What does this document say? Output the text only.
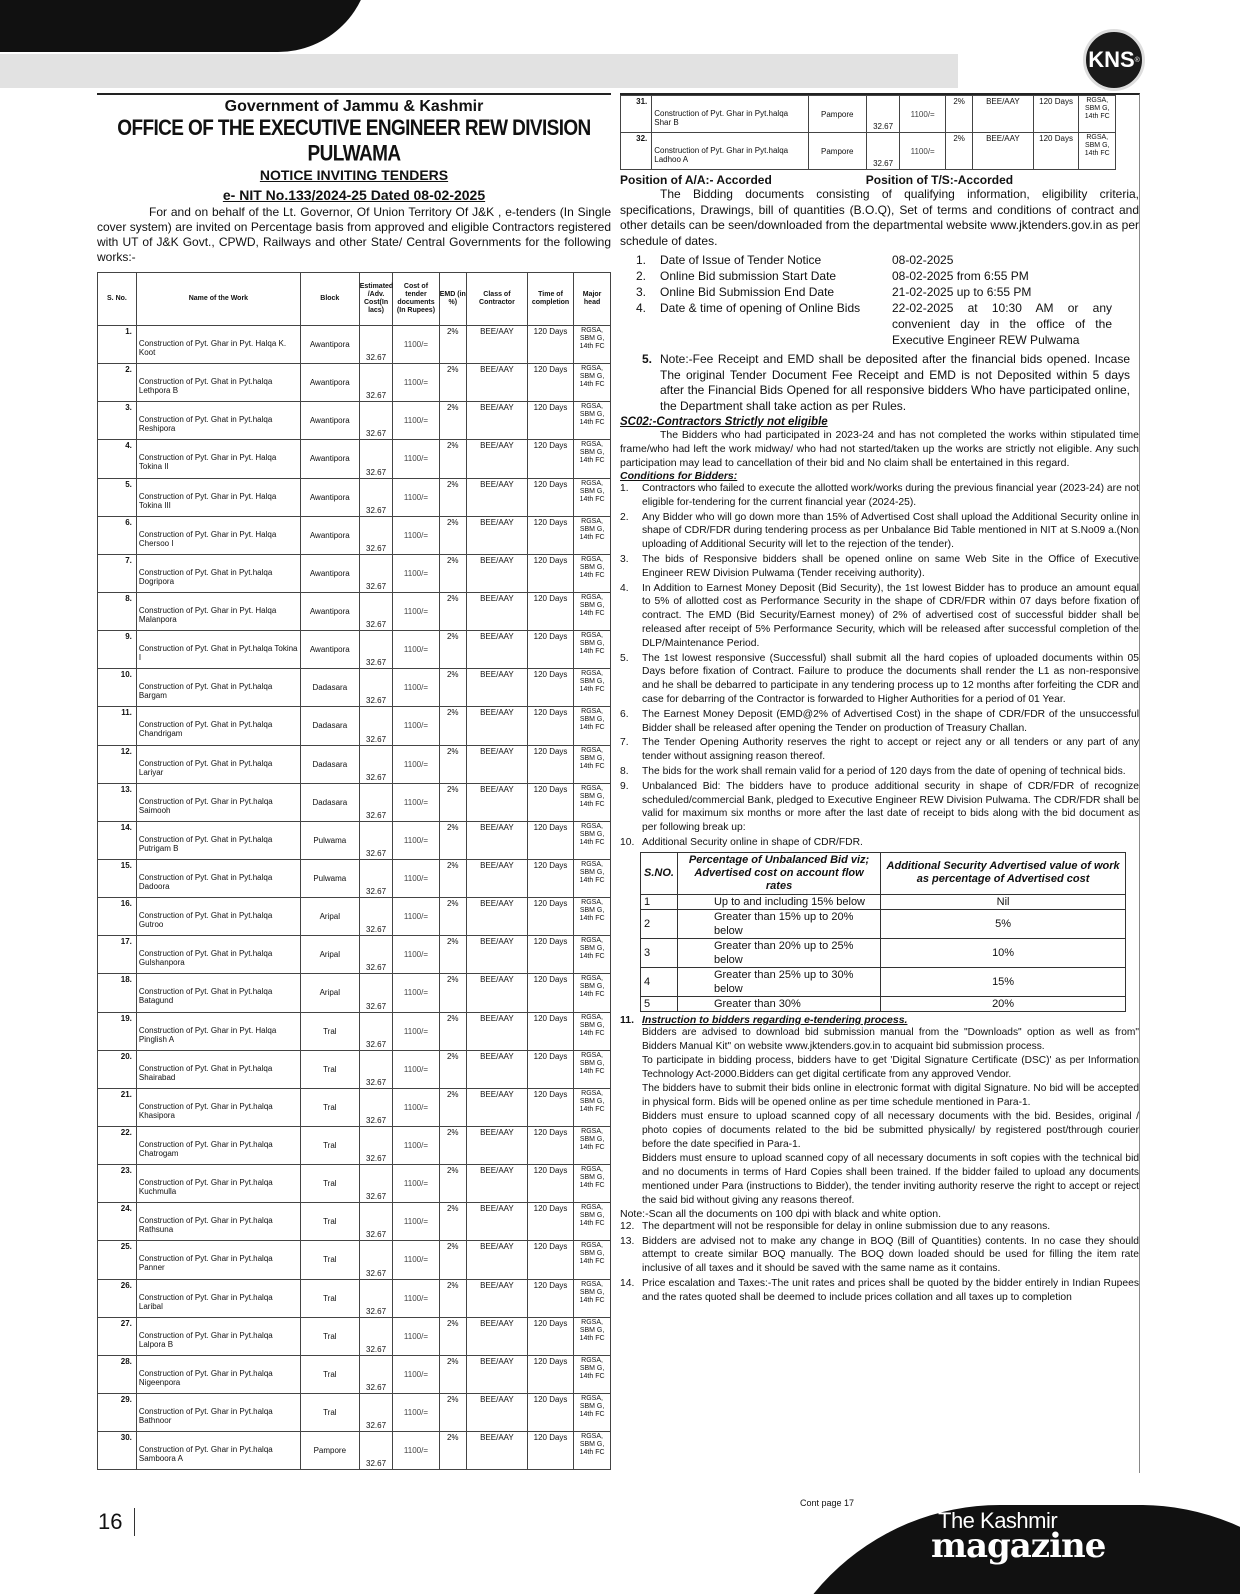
KNS ®
Government of Jammu & Kashmir
OFFICE OF THE EXECUTIVE ENGINEER REW DIVISION PULWAMA
NOTICE INVITING TENDERS
e- NIT No.133/2024-25 Dated 08-02-2025

For and on behalf of the Lt. Governor, Of Union Territory Of J&K , e-tenders (In Single cover system) are invited on Percentage basis from approved and eligible Contractors registered with UT of J&K Govt., CPWD, Railways and other State/ Central Governments for the following works:-

S. No.	Name of the Work	Block	Estimated /Adv. Cost(In lacs)	Cost of tender documents (In Rupees)	EMD (in %)	Class of Contractor	Time of completion	Major head
1.	Construction of Pyt. Ghar in Pyt. Halqa K. Koot	Awantipora	32.67	1100/=	2%	BEE/AAY	120 Days	RGSA, SBM G, 14th FC
2.	Construction of Pyt. Ghat in Pyt.halqa Lethpora B	Awantipora	32.67	1100/=	2%	BEE/AAY	120 Days	RGSA, SBM G, 14th FC
3.	Construction of Pyt. Ghat in Pyt.halqa Reshipora	Awantipora	32.67	1100/=	2%	BEE/AAY	120 Days	RGSA, SBM G, 14th FC
4.	Construction of Pyt. Ghar in Pyt. Halqa Tokina II	Awantipora	32.67	1100/=	2%	BEE/AAY	120 Days	RGSA, SBM G, 14th FC
5.	Construction of Pyt. Ghar in Pyt. Halqa Tokina III	Awantipora	32.67	1100/=	2%	BEE/AAY	120 Days	RGSA, SBM G, 14th FC
6.	Construction of Pyt. Ghar in Pyt. Halqa Chersoo I	Awantipora	32.67	1100/=	2%	BEE/AAY	120 Days	RGSA, SBM G, 14th FC
7.	Construction of Pyt. Ghat in Pyt.halqa Dogripora	Awantipora	32.67	1100/=	2%	BEE/AAY	120 Days	RGSA, SBM G, 14th FC
8.	Construction of Pyt. Ghar in Pyt. Halqa Malanpora	Awantipora	32.67	1100/=	2%	BEE/AAY	120 Days	RGSA, SBM G, 14th FC
9.	Construction of Pyt. Ghat in Pyt.halqa Tokina I	Awantipora	32.67	1100/=	2%	BEE/AAY	120 Days	RGSA, SBM G, 14th FC
10.	Construction of Pyt. Ghat in Pyt.halqa Bargam	Dadasara	32.67	1100/=	2%	BEE/AAY	120 Days	RGSA, SBM G, 14th FC
11.	Construction of Pyt. Ghat in Pyt.halqa Chandrigam	Dadasara	32.67	1100/=	2%	BEE/AAY	120 Days	RGSA, SBM G, 14th FC
12.	Construction of Pyt. Ghat in Pyt.halqa Lariyar	Dadasara	32.67	1100/=	2%	BEE/AAY	120 Days	RGSA, SBM G, 14th FC
13.	Construction of Pyt. Ghar in Pyt.halqa Saimooh	Dadasara	32.67	1100/=	2%	BEE/AAY	120 Days	RGSA, SBM G, 14th FC
14.	Construction of Pyt. Ghat in Pyt.halqa Putrigam B	Pulwama	32.67	1100/=	2%	BEE/AAY	120 Days	RGSA, SBM G, 14th FC
15.	Construction of Pyt. Ghat in Pyt.halqa Dadoora	Pulwama	32.67	1100/=	2%	BEE/AAY	120 Days	RGSA, SBM G, 14th FC
16.	Construction of Pyt. Ghat in Pyt.halqa Gutroo	Aripal	32.67	1100/=	2%	BEE/AAY	120 Days	RGSA, SBM G, 14th FC
17.	Construction of Pyt. Ghat in Pyt.halqa Gulshanpora	Aripal	32.67	1100/=	2%	BEE/AAY	120 Days	RGSA, SBM G, 14th FC
18.	Construction of Pyt. Ghat in Pyt.halqa Batagund	Aripal	32.67	1100/=	2%	BEE/AAY	120 Days	RGSA, SBM G, 14th FC
19.	Construction of Pyt. Ghar in Pyt. Halqa Pinglish A	Tral	32.67	1100/=	2%	BEE/AAY	120 Days	RGSA, SBM G, 14th FC
20.	Construction of Pyt. Ghat in Pyt.halqa Shairabad	Tral	32.67	1100/=	2%	BEE/AAY	120 Days	RGSA, SBM G, 14th FC
21.	Construction of Pyt. Ghar in Pyt.halqa Khasipora	Tral	32.67	1100/=	2%	BEE/AAY	120 Days	RGSA, SBM G, 14th FC
22.	Construction of Pyt. Ghar in Pyt.halqa Chatrogam	Tral	32.67	1100/=	2%	BEE/AAY	120 Days	RGSA, SBM G, 14th FC
23.	Construction of Pyt. Ghar in Pyt.halqa Kuchmulla	Tral	32.67	1100/=	2%	BEE/AAY	120 Days	RGSA, SBM G, 14th FC
24.	Construction of Pyt. Ghar in Pyt.halqa Rathsuna	Tral	32.67	1100/=	2%	BEE/AAY	120 Days	RGSA, SBM G, 14th FC
25.	Construction of Pyt. Ghar in Pyt.halqa Panner	Tral	32.67	1100/=	2%	BEE/AAY	120 Days	RGSA, SBM G, 14th FC
26.	Construction of Pyt. Ghar in Pyt.halqa Laribal	Tral	32.67	1100/=	2%	BEE/AAY	120 Days	RGSA, SBM G, 14th FC
27.	Construction of Pyt. Ghar in Pyt.halqa Lalpora B	Tral	32.67	1100/=	2%	BEE/AAY	120 Days	RGSA, SBM G, 14th FC
28.	Construction of Pyt. Ghar in Pyt.halqa Nigeenpora	Tral	32.67	1100/=	2%	BEE/AAY	120 Days	RGSA, SBM G, 14th FC
29.	Construction of Pyt. Ghar in Pyt.halqa Bathnoor	Tral	32.67	1100/=	2%	BEE/AAY	120 Days	RGSA, SBM G, 14th FC
30.	Construction of Pyt. Ghar in Pyt.halqa Samboora A	Pampore	32.67	1100/=	2%	BEE/AAY	120 Days	RGSA, SBM G, 14th FC
31.	Construction of Pyt. Ghar in Pyt.halqa Shar B	Pampore	32.67	1100/=	2%	BEE/AAY	120 Days	RGSA, SBM G, 14th FC
32.	Construction of Pyt. Ghar in Pyt.halqa Ladhoo A	Pampore	32.67	1100/=	2%	BEE/AAY	120 Days	RGSA, SBM G, 14th FC
Position of A/A:- Accorded	Position of T/S:-Accorded

The Bidding documents consisting of qualifying information, eligibility criteria, specifications, Drawings, bill of quantities (B.O.Q), Set of terms and conditions of contract and other details can be seen/downloaded from the departmental website www.jktenders.gov.in as per schedule of dates.

1.	Date of Issue of Tender Notice	08-02-2025
2.	Online Bid submission Start Date	08-02-2025 from 6:55 PM
3.	Online Bid Submission End Date	21-02-2025 up to 6:55 PM
4.	Date & time of opening of Online Bids	22-02-2025 at 10:30 AM or any convenient day in the office of the Executive Engineer REW Pulwama
5. Note:-Fee Receipt and EMD shall be deposited after the financial bids opened. Incase The original Tender Document Fee Receipt and EMD is not Deposited within 5 days after the Financial Bids Opened for all responsive bidders Who have participated online, the Department shall take action as per Rules.
SC02:-Contractors Strictly not eligible

The Bidders who had participated in 2023-24 and has not completed the works within stipulated time frame/who had left the work midway/ who had not started/taken up the works are strictly not eligible. Any such participation may lead to cancellation of their bid and No claim shall be entertained in this regard.

Conditions for Bidders:
1.	Contractors who failed to execute the allotted work/works during the previous financial year (2023-24) are not eligible for-tendering for the current financial year (2024-25).
2.	Any Bidder who will go down more than 15% of Advertised Cost shall upload the Additional Security online in shape of CDR/FDR during tendering process as per Unbalance Bid Table mentioned in NIT at S.No09 a.(Non uploading of Additional Security will let to the rejection of the tender).
3.	The bids of Responsive bidders shall be opened online on same Web Site in the Office of Executive Engineer REW Division Pulwama (Tender receiving authority).
4.	In Addition to Earnest Money Deposit (Bid Security), the 1st lowest Bidder has to produce an amount equal to 5% of allotted cost as Performance Security in the shape of CDR/FDR within 07 days before fixation of contract. The EMD (Bid Security/Earnest money) of 2% of advertised cost of successful bidder shall be released after receipt of 5% Performance Security, which will be released after successful completion of the DLP/Maintenance Period.
5.	The 1st lowest responsive (Successful) shall submit all the hard copies of uploaded documents within 05 Days before fixation of Contract. Failure to produce the documents shall render the L1 as non-responsive and he shall be debarred to participate in any tendering process up to 12 months after forfeiting the CDR and case for debarring of the Contractor is forwarded to Higher Authorities for a period of 01 Year.
6.	The Earnest Money Deposit (EMD@2% of Advertised Cost) in the shape of CDR/FDR of the unsuccessful Bidder shall be released after opening the Tender on production of Treasury Challan.
7.	The Tender Opening Authority reserves the right to accept or reject any or all tenders or any part of any tender without assigning reason thereof.
8.	The bids for the work shall remain valid for a period of 120 days from the date of opening of technical bids.
9.	Unbalanced Bid: The bidders have to produce additional security in shape of CDR/FDR of recognize scheduled/commercial Bank, pledged to Executive Engineer REW Division Pulwama. The CDR/FDR shall be valid for maximum six months or more after the last date of receipt to bids along with the bid document as per following break up:
10. Additional Security online in shape of CDR/FDR.
S.NO.	Percentage of Unbalanced Bid viz; Advertised cost on account flow rates	Additional Security Advertised value of work as percentage of Advertised cost
1	Up to and including 15% below	Nil
2	Greater than 15% up to 20% below	5%
3	Greater than 20% up to 25% below	10%
4	Greater than 25% up to 30% below	15%
5	Greater than 30%	20%
11. Instruction to bidders regarding e-tendering process.

Bidders are advised to download bid submission manual from the "Downloads" option as well as from" Bidders Manual Kit" on website www.jktenders.gov.in to acquaint bid submission process.

To participate in bidding process, bidders have to get 'Digital Signature Certificate (DSC)' as per Information Technology Act-2000.Bidders can get digital certificate from any approved Vendor.

The bidders have to submit their bids online in electronic format with digital Signature. No bid will be accepted in physical form. Bids will be opened online as per time schedule mentioned in Para-1.

Bidders must ensure to upload scanned copy of all necessary documents with the bid. Besides, original / photo copies of documents related to the bid be submitted physically/ by registered post/through courier before the date specified in Para-1.

Bidders must ensure to upload scanned copy of all necessary documents in soft copies with the technical bid and no documents in terms of Hard Copies shall been trained. If the bidder failed to upload any documents mentioned under Para (instructions to Bidder), the tender inviting authority reserve the right to accept or reject the said bid without giving any reasons thereof.

Note:-Scan all the documents on 100 dpi with black and white option.
12. The department will not be responsible for delay in online submission due to any reasons.
13. Bidders are advised not to make any change in BOQ (Bill of Quantities) contents. In no case they should attempt to create similar BOQ manually. The BOQ down loaded should be used for filling the item rate inclusive of all taxes and it should be saved with the same name as it contains.
14. Price escalation and Taxes:-The unit rates and prices shall be quoted by the bidder entirely in Indian Rupees and the rates quoted shall be deemed to include prices collation and all taxes up to completion
16
Cont page 17
The Kashmir
magazine
